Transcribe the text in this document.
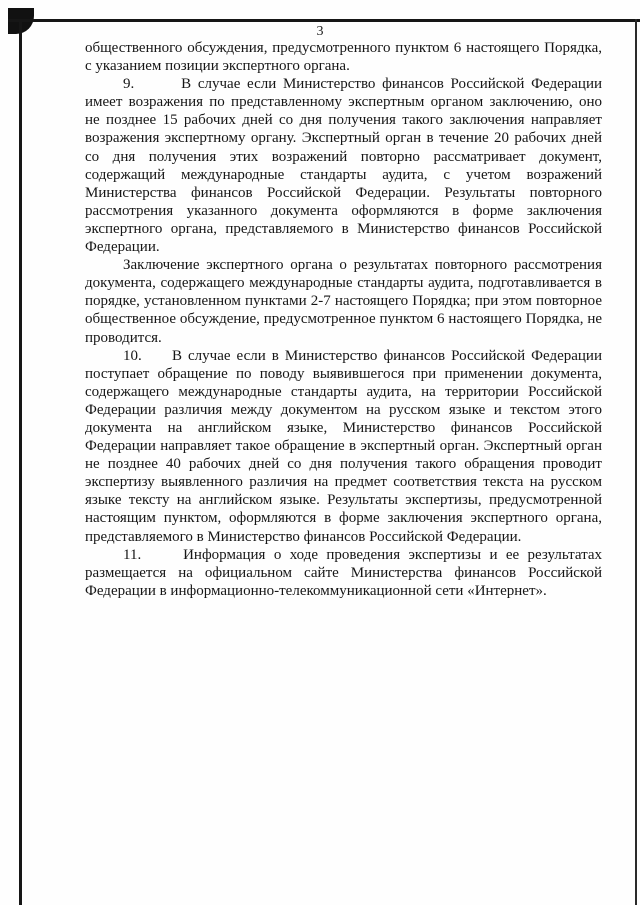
3

общественного обсуждения, предусмотренного пунктом 6 настоящего Порядка, с указанием позиции экспертного органа.

9.       В случае если Министерство финансов Российской Федерации имеет возражения по представленному экспертным органом заключению, оно не позднее 15 рабочих дней со дня получения такого заключения направляет возражения экспертному органу. Экспертный орган в течение 20 рабочих дней со дня получения этих возражений повторно рассматривает документ, содержащий международные стандарты аудита, с учетом возражений Министерства финансов Российской Федерации. Результаты повторного рассмотрения указанного документа оформляются в форме заключения экспертного органа, представляемого в Министерство финансов Российской Федерации.

Заключение экспертного органа о результатах повторного рассмотрения документа, содержащего международные стандарты аудита, подготавливается в порядке, установленном пунктами 2-7 настоящего Порядка; при этом повторное общественное обсуждение, предусмотренное пунктом 6 настоящего Порядка, не проводится.

10.     В случае если в Министерство финансов Российской Федерации поступает обращение по поводу выявившегося при применении документа, содержащего международные стандарты аудита, на территории Российской Федерации различия между документом на русском языке и текстом этого документа на английском языке, Министерство финансов Российской Федерации направляет такое обращение в экспертный орган. Экспертный орган не позднее 40 рабочих дней со дня получения такого обращения проводит экспертизу выявленного различия на предмет соответствия текста на русском языке тексту на английском языке. Результаты экспертизы, предусмотренной настоящим пунктом, оформляются в форме заключения экспертного органа, представляемого в Министерство финансов Российской Федерации.

11.     Информация о ходе проведения экспертизы и ее результатах размещается на официальном сайте Министерства финансов Российской Федерации в информационно-телекоммуникационной сети «Интернет».
